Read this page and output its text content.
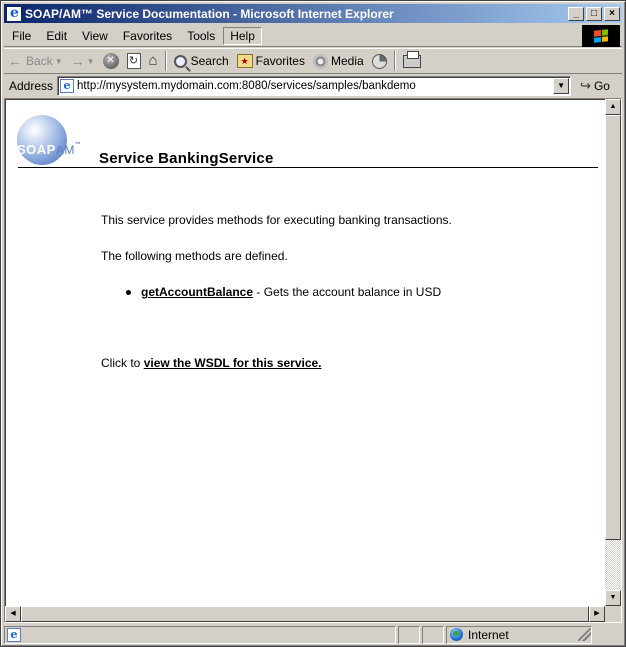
e
SOAP/AM™ Service Documentation - Microsoft Internet Explorer	_	□	×
File	Edit	View	Favorites	Tools	Help
← Back ▼ → ▼	✕	↻ ⌂	Search	★ Favorites Media
Address e http://mysystem.mydomain.com:8080/services/samples/bankdemo	▼	↪ Go
SOAPAM™
Service BankingService

This service provides methods for executing banking transactions.

The following methods are defined.

getAccountBalance - Gets the account balance in USD

Click to view the WSDL for this service.

▲
▼
◀	▶
e	Internet
